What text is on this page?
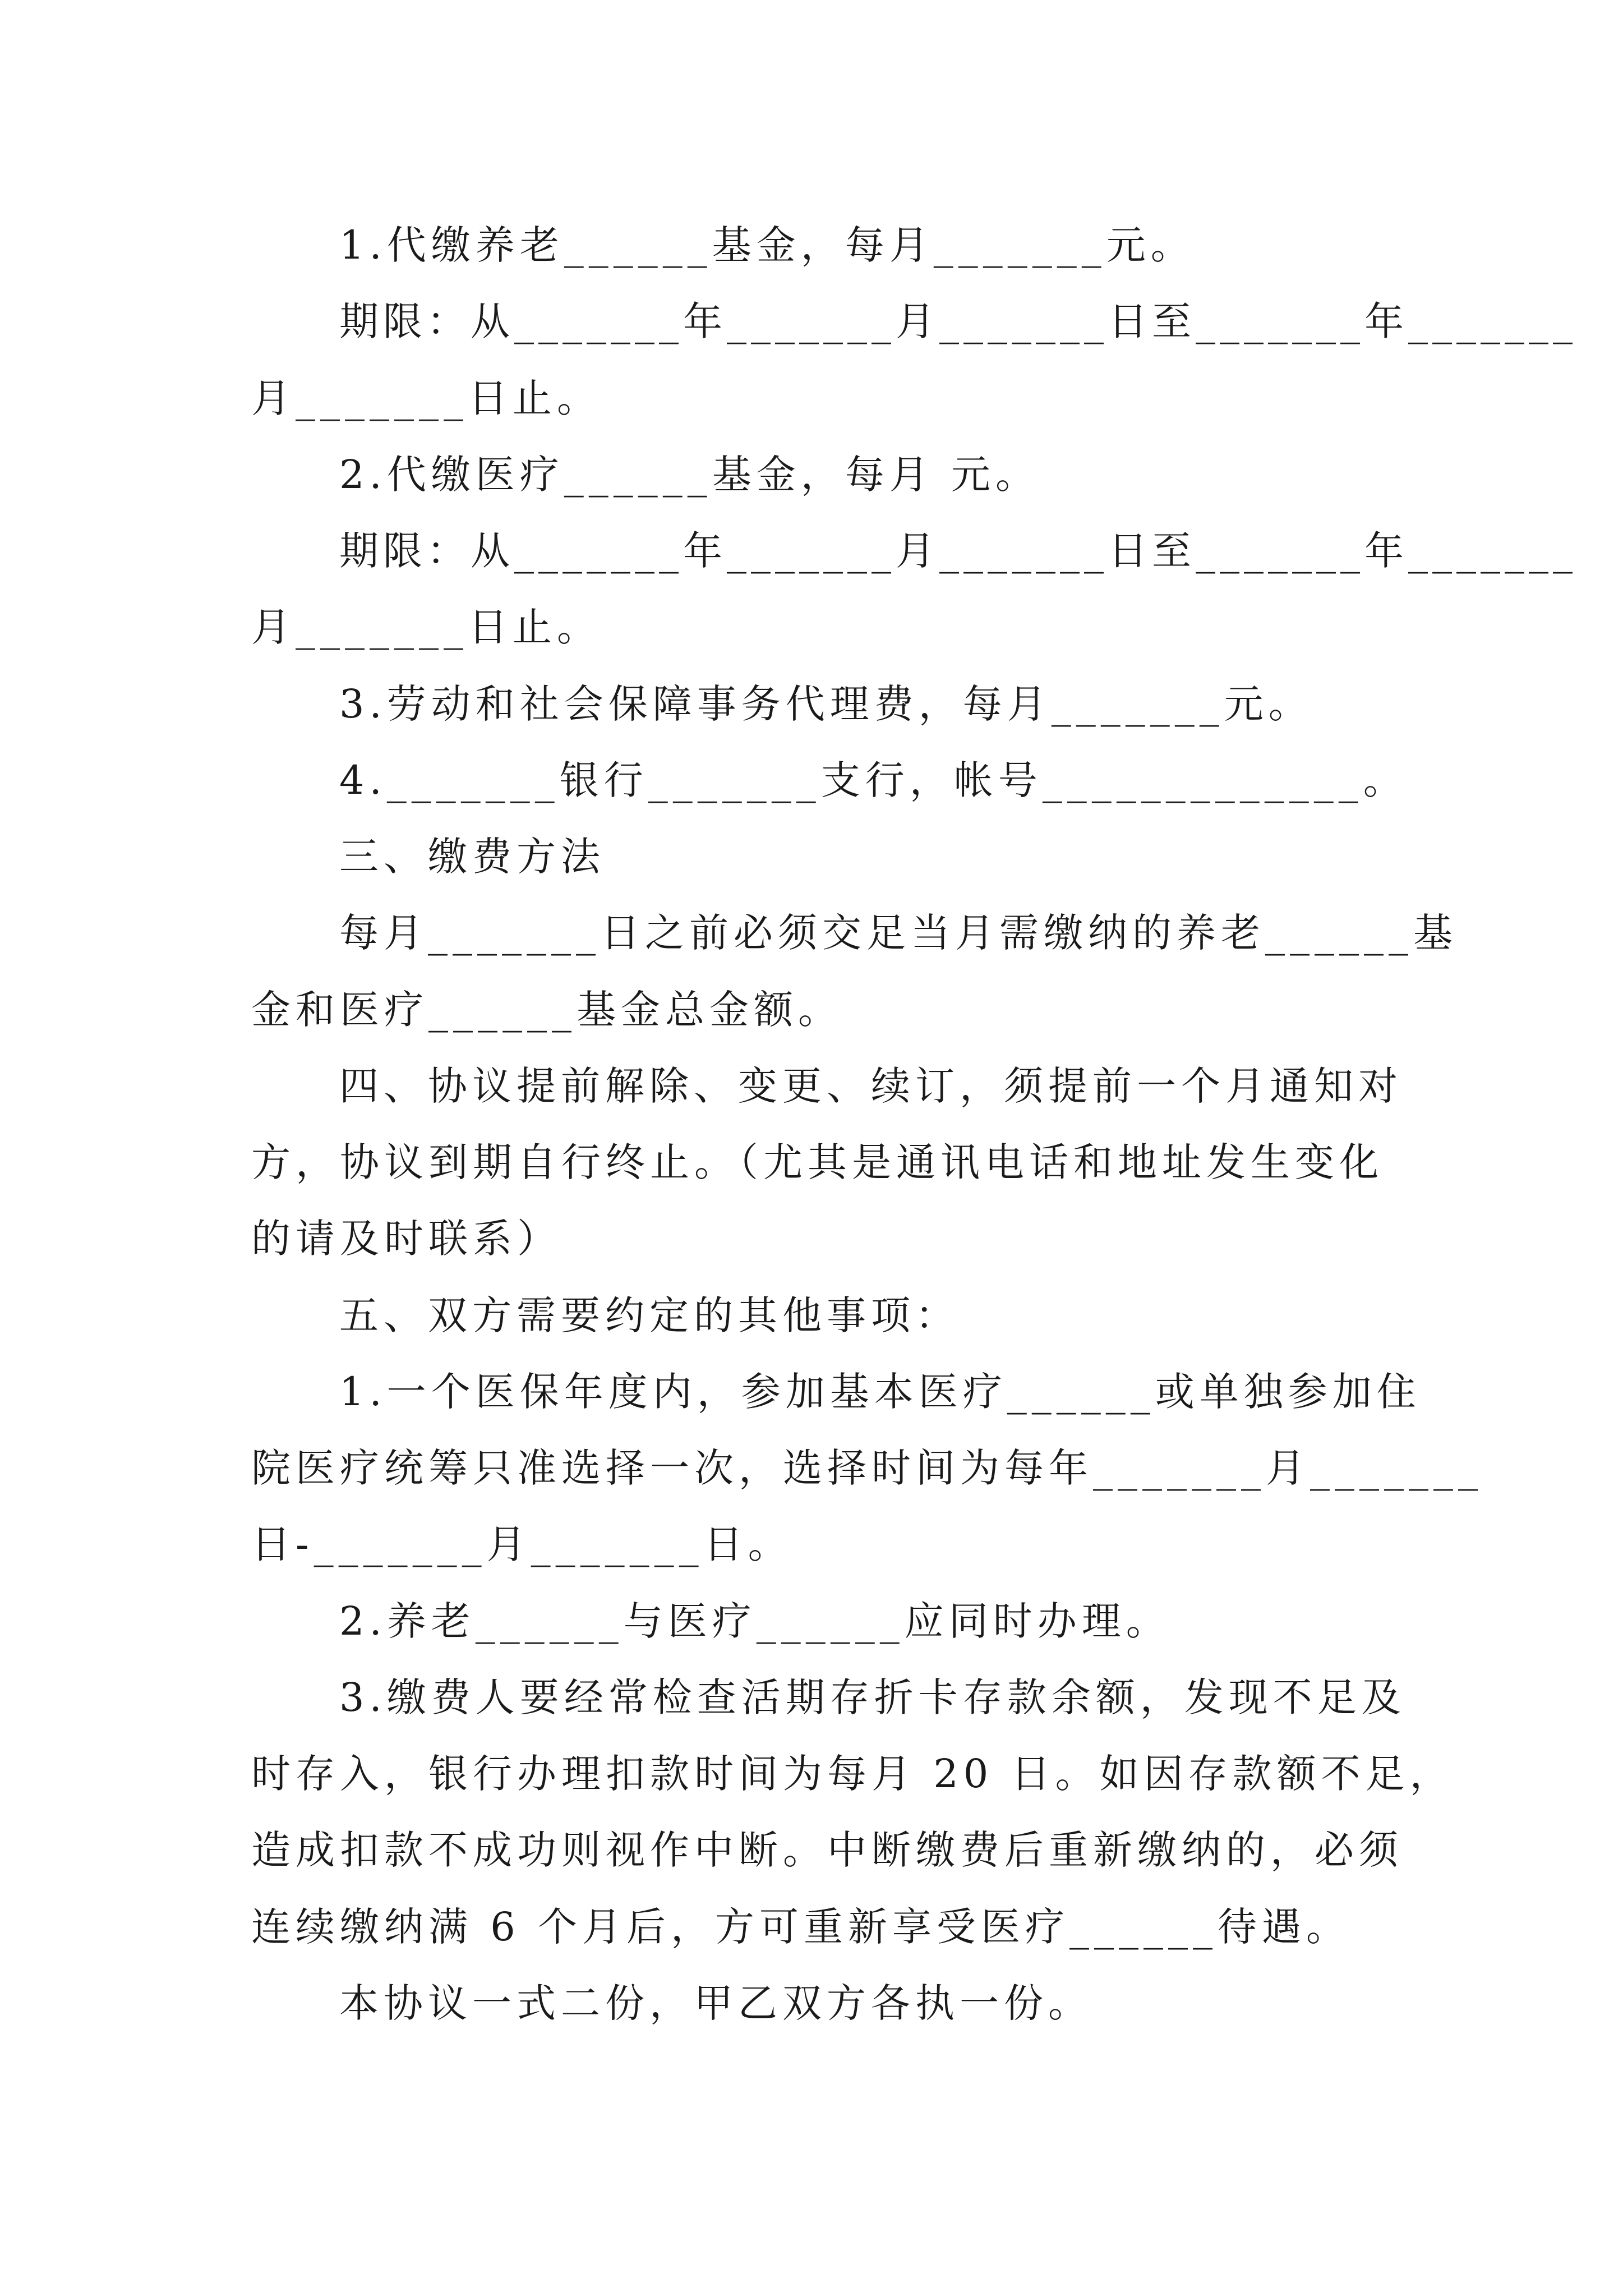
1.代缴养老______基金，每月_______元。
期限：从_______年_______月_______日至_______年_______
月_______日止。
2.代缴医疗______基金，每月 元。
期限：从_______年_______月_______日至_______年_______
月_______日止。
3.劳动和社会保障事务代理费，每月_______元。
4._______银行_______支行，帐号_____________。
三、缴费方法
每月_______日之前必须交足当月需缴纳的养老______基
金和医疗______基金总金额。
四、协议提前解除、变更、续订，须提前一个月通知对
方，协议到期自行终止。（尤其是通讯电话和地址发生变化
的请及时联系）
五、双方需要约定的其他事项：
1.一个医保年度内，参加基本医疗______或单独参加住
院医疗统筹只准选择一次，选择时间为每年_______月_______
日-_______月_______日。
2.养老______与医疗______应同时办理。
3.缴费人要经常检查活期存折卡存款余额，发现不足及
时存入，银行办理扣款时间为每月 20 日。如因存款额不足，
造成扣款不成功则视作中断。中断缴费后重新缴纳的，必须
连续缴纳满 6 个月后，方可重新享受医疗______待遇。
本协议一式二份，甲乙双方各执一份。
